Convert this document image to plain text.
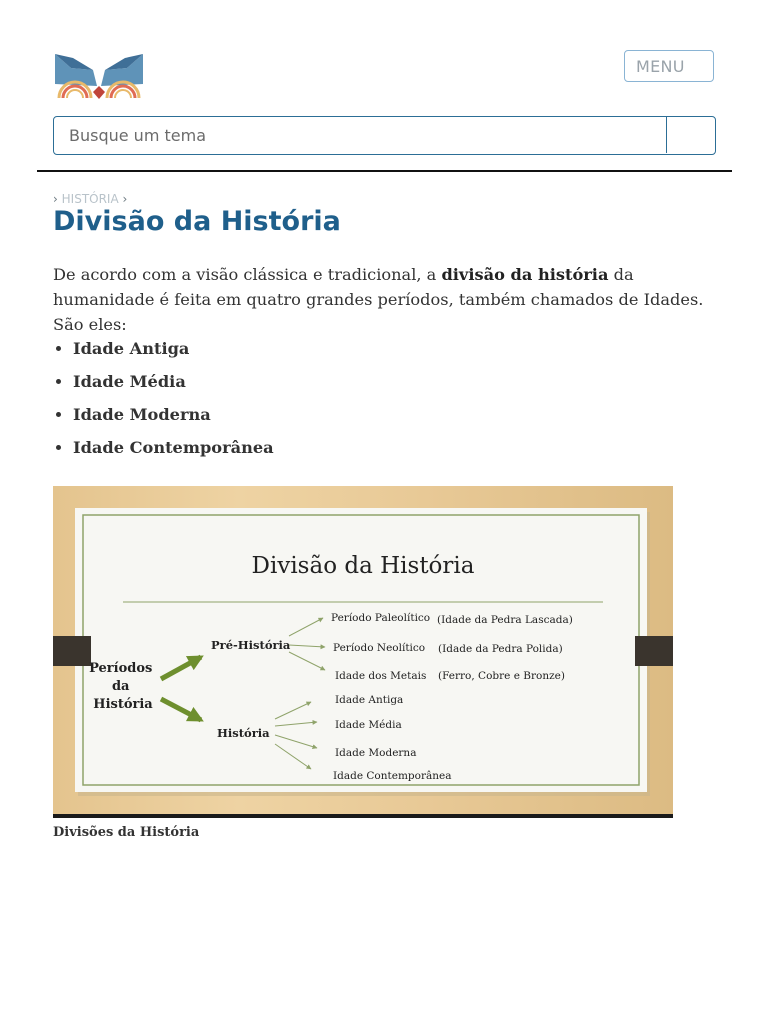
MENU
Busque um tema
› HISTÓRIA ›
Divisão da História

De acordo com a visão clássica e tradicional, a divisão da história da humanidade é feita em quatro grandes períodos, também chamados de Idades. São eles:

• Idade Antiga
• Idade Média
• Idade Moderna
• Idade Contemporânea
Divisão da História
Períodos da História
Pré-História
História
Período Paleolítico (Idade da Pedra Lascada)
Período Neolítico (Idade da Pedra Polida)
Idade dos Metais (Ferro, Cobre e Bronze)
Idade Antiga
Idade Média
Idade Moderna
Idade Contemporânea
Divisões da História
